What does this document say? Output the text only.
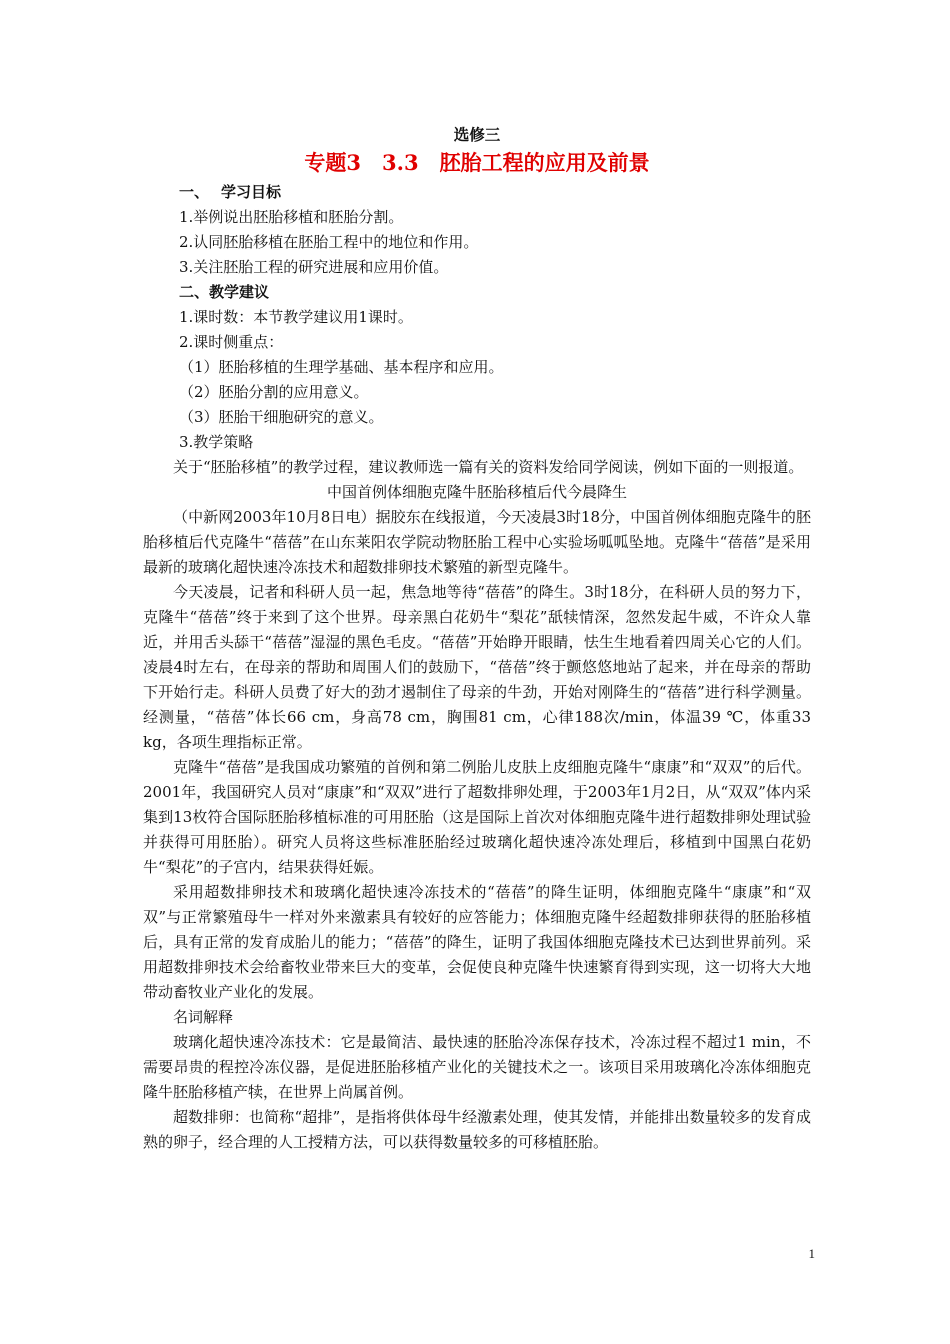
选修三

专题3　3.3　胚胎工程的应用及前景

一、 学习目标

1.举例说出胚胎移植和胚胎分割。

2.认同胚胎移植在胚胎工程中的地位和作用。

3.关注胚胎工程的研究进展和应用价值。

二、教学建议

1.课时数：本节教学建议用1课时。

2.课时侧重点：

（1）胚胎移植的生理学基础、基本程序和应用。

（2）胚胎分割的应用意义。

（3）胚胎干细胞研究的意义。

3.教学策略

关于“胚胎移植”的教学过程，建议教师选一篇有关的资料发给同学阅读，例如下面的一则报道。

中国首例体细胞克隆牛胚胎移植后代今晨降生

（中新网2003年10月8日电）据胶东在线报道，今天凌晨3时18分，中国首例体细胞克隆牛的胚胎移植后代克隆牛“蓓蓓”在山东莱阳农学院动物胚胎工程中心实验场呱呱坠地。克隆牛“蓓蓓”是采用最新的玻璃化超快速冷冻技术和超数排卵技术繁殖的新型克隆牛。

今天凌晨，记者和科研人员一起，焦急地等待“蓓蓓”的降生。3时18分，在科研人员的努力下，克隆牛“蓓蓓”终于来到了这个世界。母亲黑白花奶牛“梨花”舐犊情深，忽然发起牛威，不许众人靠近，并用舌头舔干“蓓蓓”湿湿的黑色毛皮。“蓓蓓”开始睁开眼睛，怯生生地看着四周关心它的人们。凌晨4时左右，在母亲的帮助和周围人们的鼓励下，“蓓蓓”终于颤悠悠地站了起来，并在母亲的帮助下开始行走。科研人员费了好大的劲才遏制住了母亲的牛劲，开始对刚降生的“蓓蓓”进行科学测量。经测量，“蓓蓓”体长66 cm，身高78 cm，胸围81 cm，心律188次/min，体温39 ℃，体重33 kg，各项生理指标正常。

克隆牛“蓓蓓”是我国成功繁殖的首例和第二例胎儿皮肤上皮细胞克隆牛“康康”和“双双”的后代。2001年，我国研究人员对“康康”和“双双”进行了超数排卵处理，于2003年1月2日，从“双双”体内采集到13枚符合国际胚胎移植标准的可用胚胎（这是国际上首次对体细胞克隆牛进行超数排卵处理试验并获得可用胚胎）。研究人员将这些标准胚胎经过玻璃化超快速冷冻处理后，移植到中国黑白花奶牛“梨花”的子宫内，结果获得妊娠。

采用超数排卵技术和玻璃化超快速冷冻技术的“蓓蓓”的降生证明，体细胞克隆牛“康康”和“双双”与正常繁殖母牛一样对外来激素具有较好的应答能力；体细胞克隆牛经超数排卵获得的胚胎移植后，具有正常的发育成胎儿的能力；“蓓蓓”的降生，证明了我国体细胞克隆技术已达到世界前列。采用超数排卵技术会给畜牧业带来巨大的变革，会促使良种克隆牛快速繁育得到实现，这一切将大大地带动畜牧业产业化的发展。

名词解释

玻璃化超快速冷冻技术：它是最简洁、最快速的胚胎冷冻保存技术，冷冻过程不超过1 min，不需要昂贵的程控冷冻仪器，是促进胚胎移植产业化的关键技术之一。该项目采用玻璃化冷冻体细胞克隆牛胚胎移植产犊，在世界上尚属首例。

超数排卵：也简称“超排”，是指将供体母牛经激素处理，使其发情，并能排出数量较多的发育成熟的卵子，经合理的人工授精方法，可以获得数量较多的可移植胚胎。

1
